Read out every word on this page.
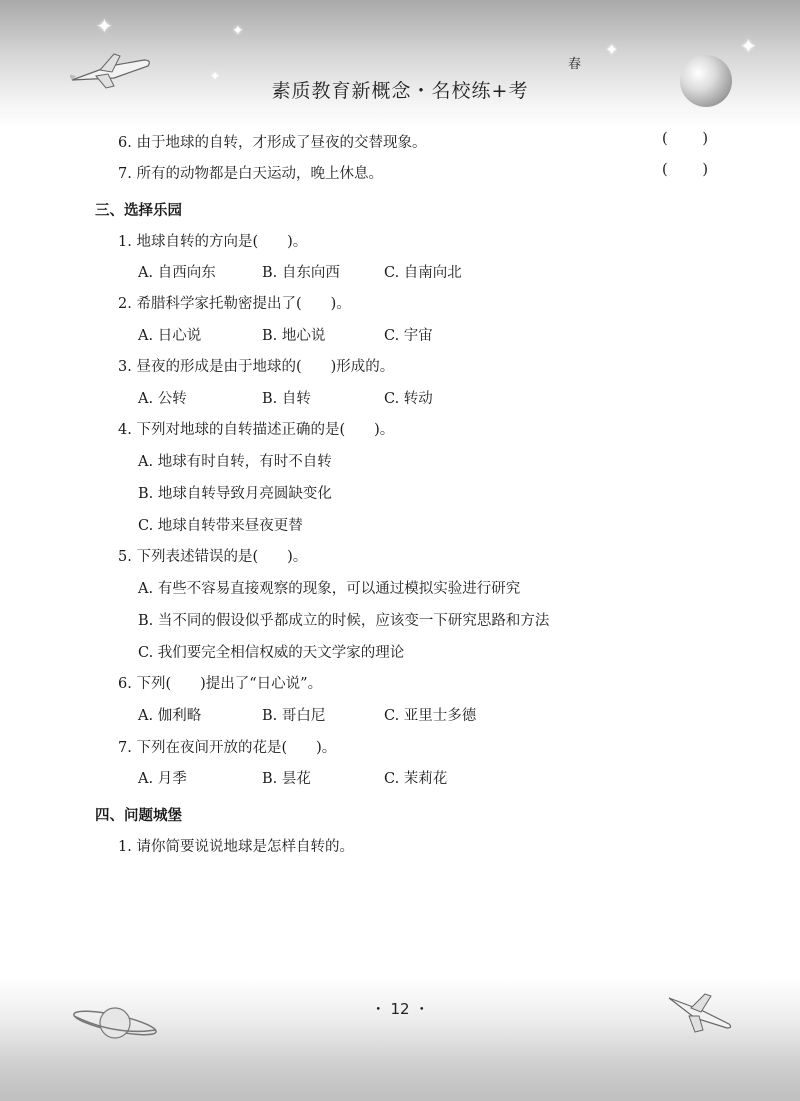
✦	✦
✦	✦
✦
春
素质教育新概念・名校练+考
6. 由于地球的自转，才形成了昼夜的交替现象。	( )
7. 所有的动物都是白天运动，晚上休息。	( )
三、选择乐园
1. 地球自转的方向是(　　)。
A. 自西向东	B. 自东向西	C. 自南向北
2. 希腊科学家托勒密提出了(　　)。
A. 日心说	B. 地心说	C. 宇宙
3. 昼夜的形成是由于地球的(　　)形成的。
A. 公转	B. 自转	C. 转动
4. 下列对地球的自转描述正确的是(　　)。
A. 地球有时自转，有时不自转
B. 地球自转导致月亮圆缺变化
C. 地球自转带来昼夜更替
5. 下列表述错误的是(　　)。
A. 有些不容易直接观察的现象，可以通过模拟实验进行研究
B. 当不同的假设似乎都成立的时候，应该变一下研究思路和方法
C. 我们要完全相信权威的天文学家的理论
6. 下列(　　)提出了“日心说”。
A. 伽利略	B. 哥白尼	C. 亚里士多德
7. 下列在夜间开放的花是(　　)。
A. 月季	B. 昙花	C. 茉莉花
四、问题城堡
1. 请你简要说说地球是怎样自转的。
・ 12 ・
